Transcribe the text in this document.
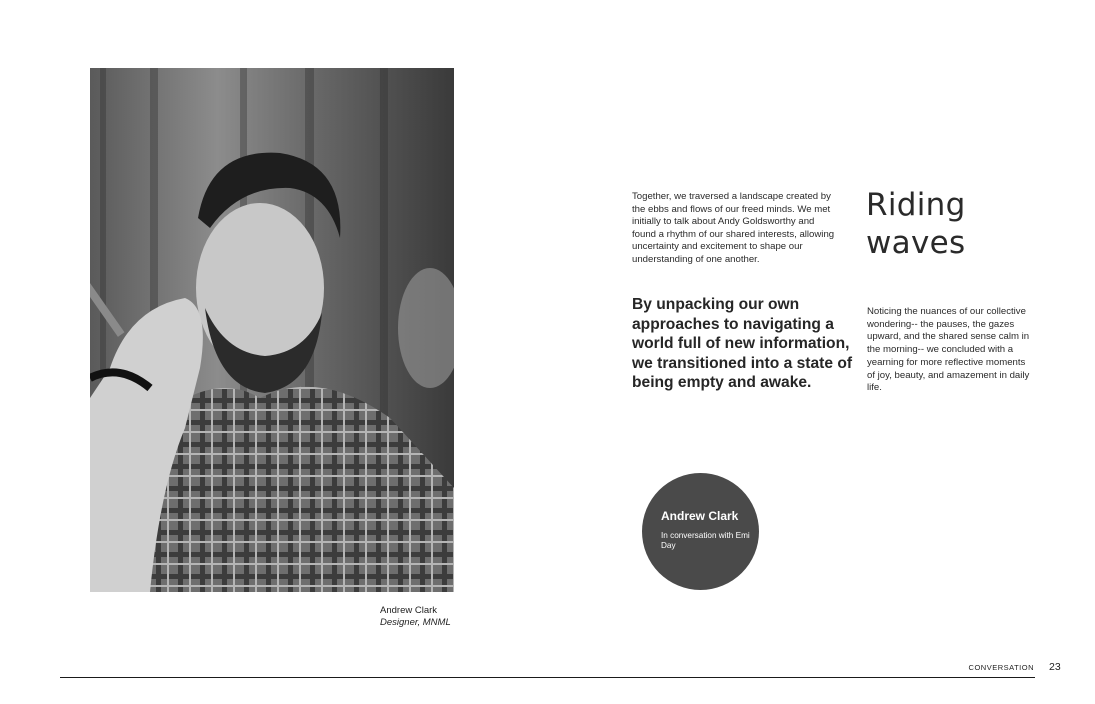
Andrew Clark
Designer, MNML

Together, we traversed a landscape created by the ebbs and flows of our freed minds. We met initially to talk about Andy Goldsworthy and found a rhythm of our shared interests, allowing uncertainty and excitement to shape our understanding of one another.

By unpacking our own approaches to navigating a world full of new information, we transitioned into a state of being empty and awake.

Riding
waves

Noticing the nuances of our collective wondering-- the pauses, the gazes upward, and the shared sense calm in the morning-- we concluded with a yearning for more reflective moments of joy, beauty, and amazement in daily life.

Andrew Clark
In conversation with Emi Day
CONVERSATION 23
